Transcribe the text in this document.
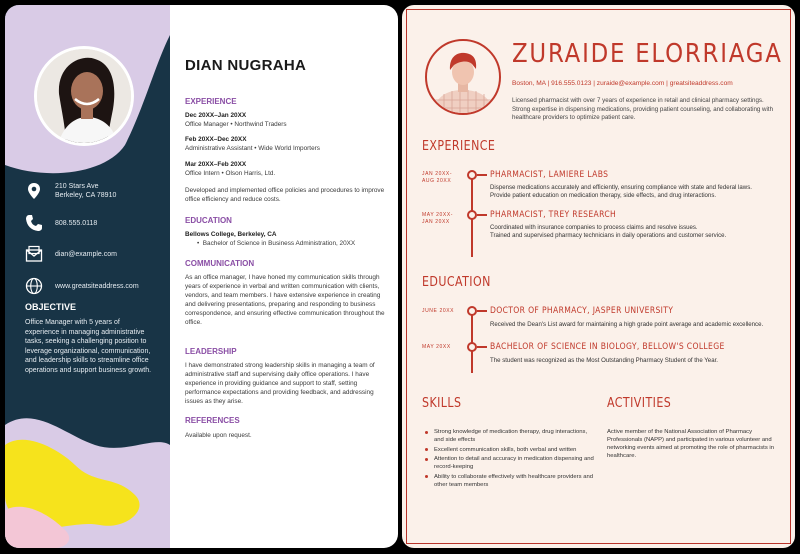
210 Stars Ave
Berkeley, CA 78910
808.555.0118
dian@example.com
www.greatsiteaddress.com
OBJECTIVE
Office Manager with 5 years of experience in managing administrative tasks, seeking a challenging position to leverage organizational, communication, and leadership skills to streamline office operations and support business growth.
DIAN NUGRAHA
EXPERIENCE
Dec 20XX–Jan 20XX
Office Manager • Northwind Traders
Feb 20XX–Dec 20XX
Administrative Assistant • Wide World Importers
Mar 20XX–Feb 20XX
Office Intern • Olson Harris, Ltd.
Developed and implemented office policies and procedures to improve office efficiency and reduce costs.
EDUCATION
Bellows College, Berkeley, CA
•  Bachelor of Science in Business Administration, 20XX
COMMUNICATION
As an office manager, I have honed my communication skills through years of experience in verbal and written communication with clients, vendors, and team members. I have extensive experience in creating and delivering presentations, preparing and responding to business correspondence, and ensuring effective communication throughout the office.
LEADERSHIP
I have demonstrated strong leadership skills in managing a team of administrative staff and supervising daily office operations. I have experience in providing guidance and support to staff, setting performance expectations and providing feedback, and addressing issues as they arise.
REFERENCES
Available upon request.
ZURAIDE ELORRIAGA
Boston, MA | 916.555.0123 | zuraide@example.com | greatsiteaddress.com
Licensed pharmacist with over 7 years of experience in retail and clinical pharmacy settings. Strong expertise in dispensing medications, providing patient counseling, and collaborating with healthcare providers to optimize patient care.
EXPERIENCE
JAN 20XX-
AUG 20XX
PHARMACIST, LAMIERE LABS
Dispense medications accurately and efficiently, ensuring compliance with state and federal laws.
Provide patient education on medication therapy, side effects, and drug interactions.
MAY 20XX-
JAN 20XX
PHARMACIST, TREY RESEARCH
Coordinated with insurance companies to process claims and resolve issues.
Trained and supervised pharmacy technicians in daily operations and customer service.
EDUCATION
JUNE 20XX	DOCTOR OF PHARMACY, JASPER UNIVERSITY
Received the Dean's List award for maintaining a high grade point average and academic excellence.
MAY 20XX	BACHELOR OF SCIENCE IN BIOLOGY, BELLOW'S COLLEGE
The student was recognized as the Most Outstanding Pharmacy Student of the Year.
SKILLS
Strong knowledge of medication therapy, drug interactions, and side effects
Excellent communication skills, both verbal and written
Attention to detail and accuracy in medication dispensing and record-keeping
Ability to collaborate effectively with healthcare providers and other team members
ACTIVITIES
Active member of the National Association of Pharmacy Professionals (NAPP) and participated in various volunteer and networking events aimed at promoting the role of pharmacists in healthcare.
